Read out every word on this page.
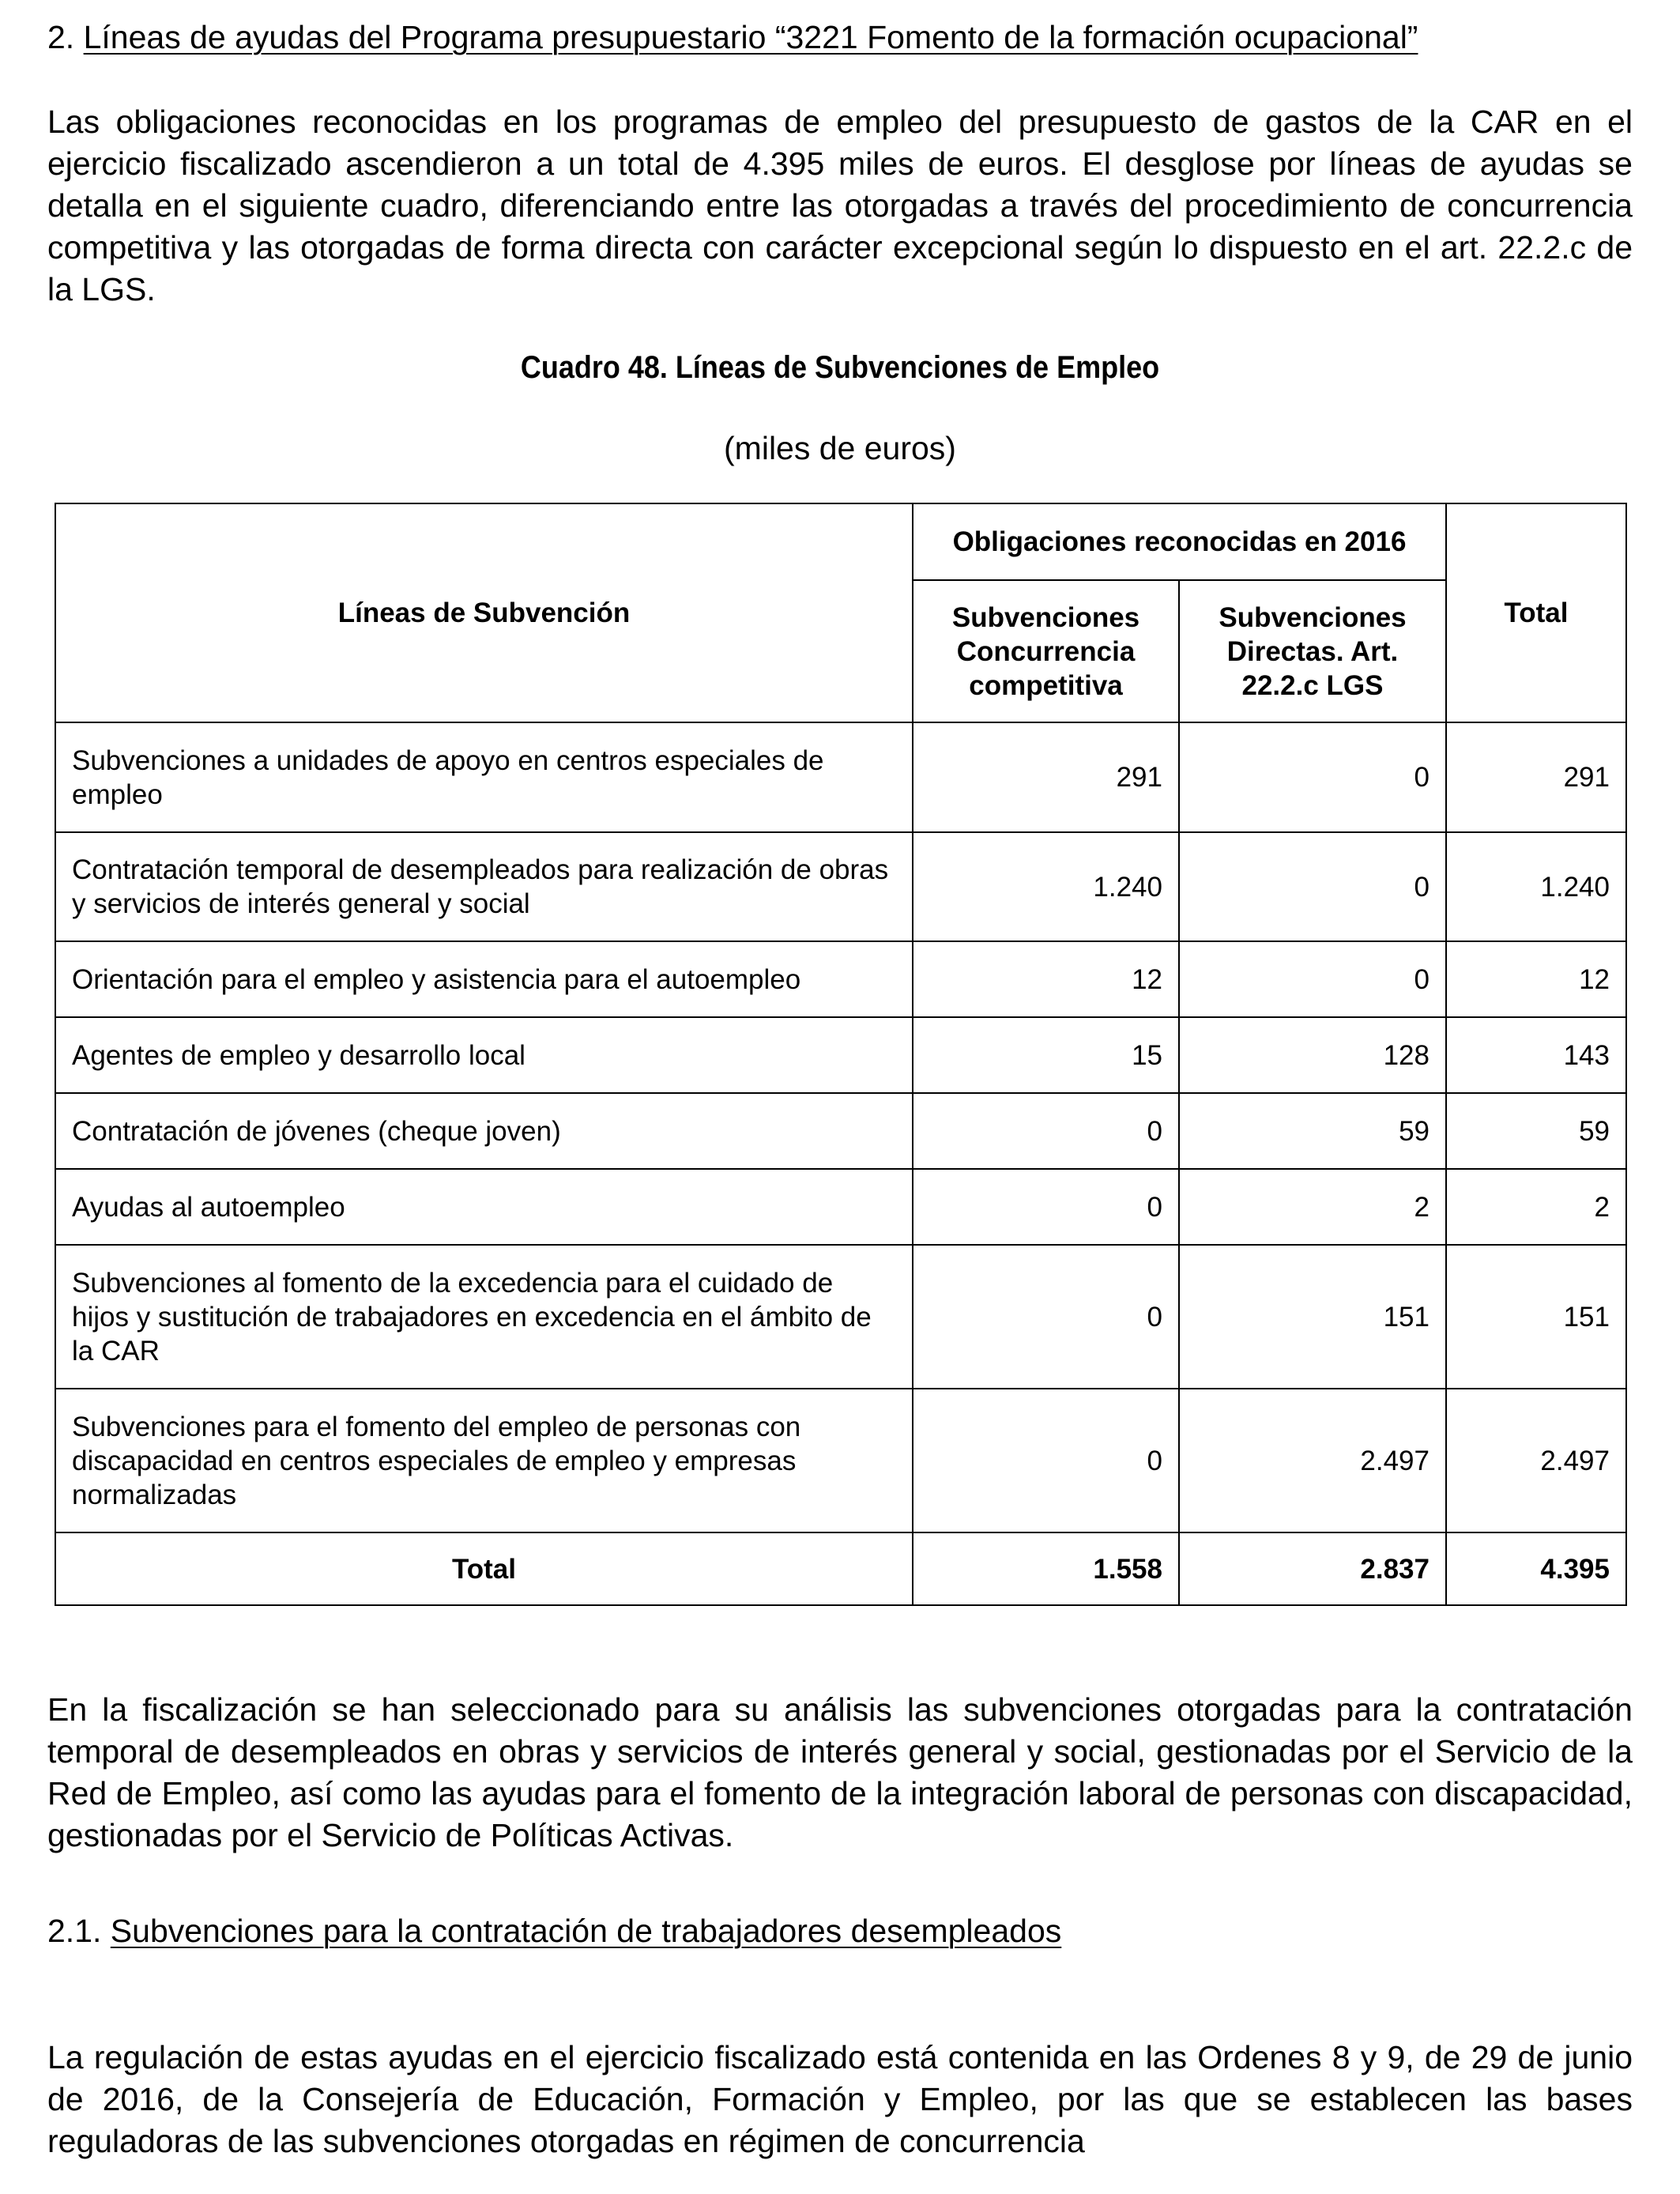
2. Líneas de ayudas del Programa presupuestario “3221 Fomento de la formación ocupacional”

Las obligaciones reconocidas en los programas de empleo del presupuesto de gastos de la CAR en el ejercicio fiscalizado ascendieron a un total de 4.395 miles de euros. El desglose por líneas de ayudas se detalla en el siguiente cuadro, diferenciando entre las otorgadas a través del procedimiento de concurrencia competitiva y las otorgadas de forma directa con carácter excepcional según lo dispuesto en el art. 22.2.c de la LGS.

Cuadro 48. Líneas de Subvenciones de Empleo
(miles de euros)
Líneas de Subvención	Obligaciones reconocidas en 2016		Total
	Subvenciones Concurrencia competitiva	Subvenciones Directas. Art. 22.2.c LGS	
Subvenciones a unidades de apoyo en centros especiales de empleo	291	0	291
Contratación temporal de desempleados para realización de obras y servicios de interés general y social	1.240	0	1.240
Orientación para el empleo y asistencia para el autoempleo	12	0	12
Agentes de empleo y desarrollo local	15	128	143
Contratación de jóvenes (cheque joven)	0	59	59
Ayudas al autoempleo	0	2	2
Subvenciones al fomento de la excedencia para el cuidado de hijos y sustitución de trabajadores en excedencia en el ámbito de la CAR	0	151	151
Subvenciones para el fomento del empleo de personas con discapacidad en centros especiales de empleo y empresas normalizadas	0	2.497	2.497
Total	1.558	2.837	4.395

En la fiscalización se han seleccionado para su análisis las subvenciones otorgadas para la contratación temporal de desempleados en obras y servicios de interés general y social, gestionadas por el Servicio de la Red de Empleo, así como las ayudas para el fomento de la integración laboral de personas con discapacidad, gestionadas por el Servicio de Políticas Activas.

2.1. Subvenciones para la contratación de trabajadores desempleados

La regulación de estas ayudas en el ejercicio fiscalizado está contenida en las Ordenes 8 y 9, de 29 de junio de 2016, de la Consejería de Educación, Formación y Empleo, por las que se establecen las bases reguladoras de las subvenciones otorgadas en régimen de concurrencia
